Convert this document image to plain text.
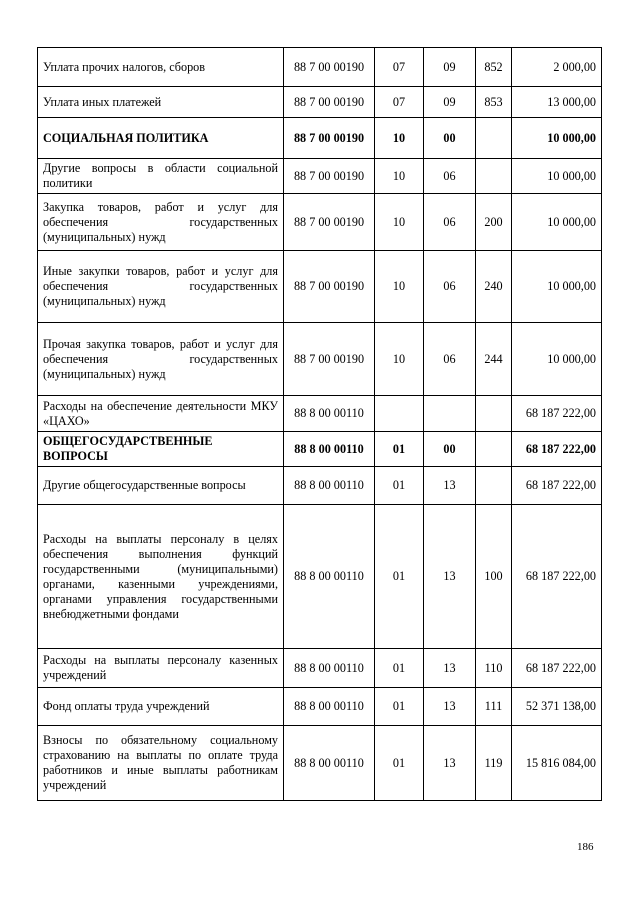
Уплата прочих налогов, сборов	88 7 00 00190	07	09	852	2 000,00
Уплата иных платежей	88 7 00 00190	07	09	853	13 000,00
СОЦИАЛЬНАЯ ПОЛИТИКА	88 7 00 00190	10	00		10 000,00
Другие вопросы в области социальной политики	88 7 00 00190	10	06		10 000,00
Закупка товаров, работ и услуг для обеспечения государственных (муниципальных) нужд	88 7 00 00190	10	06	200	10 000,00
Иные закупки товаров, работ и услуг для обеспечения государственных (муниципальных) нужд	88 7 00 00190	10	06	240	10 000,00
Прочая закупка товаров, работ и услуг для обеспечения государственных (муниципальных) нужд	88 7 00 00190	10	06	244	10 000,00
Расходы на обеспечение деятельности МКУ «ЦАХО»	88 8 00 00110				68 187 222,00
ОБЩЕГОСУДАРСТВЕННЫЕ ВОПРОСЫ	88 8 00 00110	01	00		68 187 222,00
Другие общегосударственные вопросы	88 8 00 00110	01	13		68 187 222,00
Расходы на выплаты персоналу в целях обеспечения выполнения функций государственными (муниципальными) органами, казенными учреждениями, органами управления государственными внебюджетными фондами	88 8 00 00110	01	13	100	68 187 222,00
Расходы на выплаты персоналу казенных учреждений	88 8 00 00110	01	13	110	68 187 222,00
Фонд оплаты труда учреждений	88 8 00 00110	01	13	111	52 371 138,00
Взносы по обязательному социальному страхованию на выплаты по оплате труда работников и иные выплаты работникам учреждений	88 8 00 00110	01	13	119	15 816 084,00
186
